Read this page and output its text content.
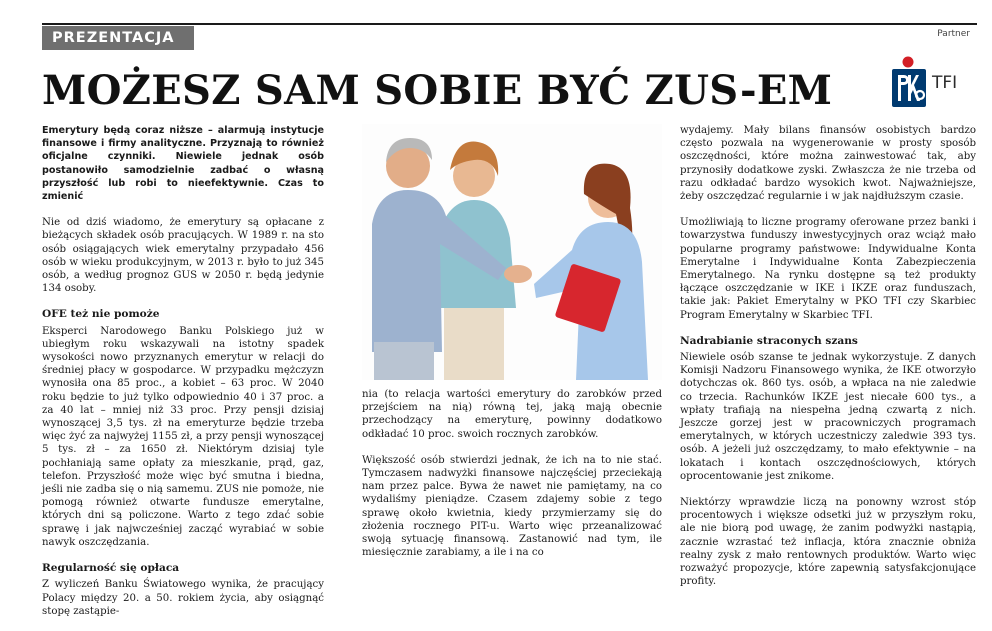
PREZENTACJA	Partner
MOŻESZ SAM SOBIE BYĆ ZUS-EM	TFI

Emerytury będą coraz niższe – alarmują instytucje finansowe i firmy analityczne. Przyznają to również oficjalne czynniki. Niewiele jednak osób postanowiło samodzielnie zadbać o własną przyszłość lub robi to nieefektywnie. Czas to zmienić

Nie od dziś wiadomo, że emerytury są opłacane z bieżących składek osób pracujących. W 1989 r. na sto osób osiągających wiek emerytalny przypadało 456 osób w wieku produkcyjnym, w 2013 r. było to już 345 osób, a według prognoz GUS w 2050 r. będą jedynie 134 osoby.

OFE też nie pomoże

Eksperci Narodowego Banku Polskiego już w ubiegłym roku wskazywali na istotny spadek wysokości nowo przyznanych emerytur w relacji do średniej płacy w gospodarce. W przypadku mężczyzn wynosiła ona 85 proc., a kobiet – 63 proc. W 2040 roku będzie to już tylko odpowiednio 40 i 37 proc. a za 40 lat – mniej niż 33 proc. Przy pensji dzisiaj wynoszącej 3,5 tys. zł na emeryturze będzie trzeba więc żyć za najwyżej 1155 zł, a przy pensji wynoszącej 5 tys. zł – za 1650 zł. Niektórym dzisiaj tyle pochłaniają same opłaty za mieszkanie, prąd, gaz, telefon. Przyszłość może więc być smutna i biedna, jeśli nie zadba się o nią samemu. ZUS nie pomoże, nie pomogą również otwarte fundusze emerytalne, których dni są policzone. Warto z tego zdać sobie sprawę i jak najwcześniej zacząć wyrabiać w sobie nawyk oszczędzania.

Regularność się opłaca

Z wyliczeń Banku Światowego wynika, że pracujący Polacy między 20. a 50. rokiem życia, aby osiągnąć stopę zastąpie-

nia (to relacja wartości emerytury do zarobków przed przejściem na nią) równą tej, jaką mają obecnie przechodzący na emeryturę, powinny dodatkowo odkładać 10 proc. swoich rocznych zarobków.

Większość osób stwierdzi jednak, że ich na to nie stać. Tymczasem nadwyżki finansowe najczęściej przeciekają nam przez palce. Bywa że nawet nie pamiętamy, na co wydaliśmy pieniądze. Czasem zdajemy sobie z tego sprawę około kwietnia, kiedy przymierzamy się do złożenia rocznego PIT-u. Warto więc przeanalizować swoją sytuację finansową. Zastanowić nad tym, ile miesięcznie zarabiamy, a ile i na co

wydajemy. Mały bilans finansów osobistych bardzo często pozwala na wygenerowanie w prosty sposób oszczędności, które można zainwestować tak, aby przynosiły dodatkowe zyski. Zwłaszcza że nie trzeba od razu odkładać bardzo wysokich kwot. Najważniejsze, żeby oszczędzać regularnie i w jak najdłuższym czasie.

Umożliwiają to liczne programy oferowane przez banki i towarzystwa funduszy inwestycyjnych oraz wciąż mało popularne programy państwowe: Indywidualne Konta Emerytalne i Indywidualne Konta Zabezpieczenia Emerytalnego. Na rynku dostępne są też produkty łączące oszczędzanie w IKE i IKZE oraz funduszach, takie jak: Pakiet Emerytalny w PKO TFI czy Skarbiec Program Emerytalny w Skarbiec TFI.

Nadrabianie straconych szans

Niewiele osób szanse te jednak wykorzystuje. Z danych Komisji Nadzoru Finansowego wynika, że IKE otworzyło dotychczas ok. 860 tys. osób, a wpłaca na nie zaledwie co trzecia. Rachunków IKZE jest niecałe 600 tys., a wpłaty trafiają na niespełna jedną czwartą z nich. Jeszcze gorzej jest w pracowniczych programach emerytalnych, w których uczestniczy zaledwie 393 tys. osób. A jeżeli już oszczędzamy, to mało efektywnie – na lokatach i kontach oszczędnościowych, których oprocentowanie jest znikome.

Niektórzy wprawdzie liczą na ponowny wzrost stóp procentowych i większe odsetki już w przyszłym roku, ale nie biorą pod uwagę, że zanim podwyżki nastąpią, zacznie wzrastać też inflacja, która znacznie obniża realny zysk z mało rentownych produktów. Warto więc rozważyć propozycje, które zapewnią satysfakcjonujące profity.
